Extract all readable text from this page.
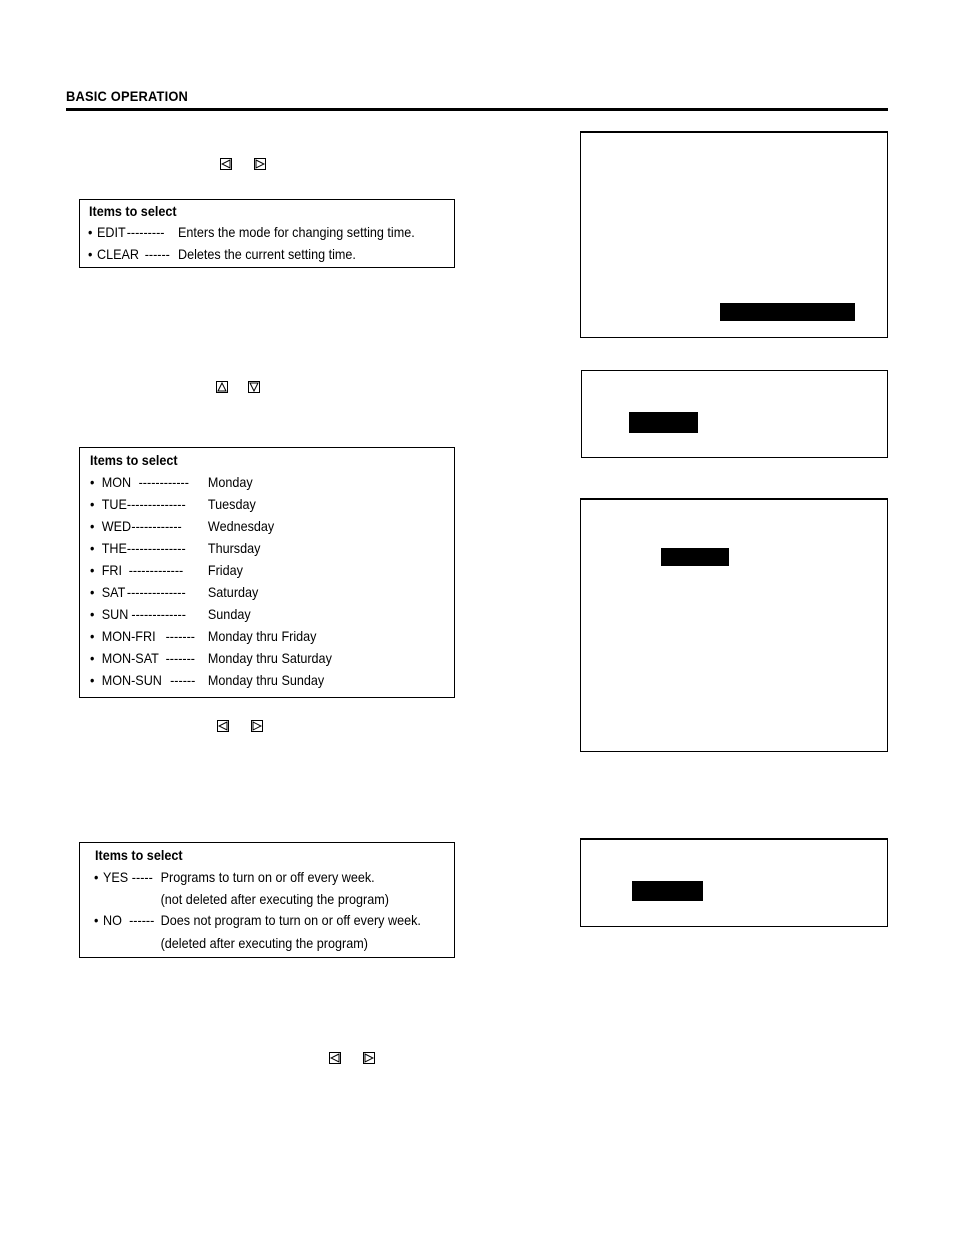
BASIC OPERATION
Items to select
• EDIT --------- Enters the mode for changing setting time.
• CLEAR ------ Deletes the current setting time.
Items to select
• MON ------------ Monday
• TUE -------------- Tuesday
• WED ------------ Wednesday
• THE -------------- Thursday
• FRI ------------- Friday
• SAT -------------- Saturday
• SUN ------------- Sunday
• MON-FRI ------- Monday thru Friday
• MON-SAT ------- Monday thru Saturday
• MON-SUN ------ Monday thru Sunday
Items to select
• YES ----- Programs to turn on or off every week.
(not deleted after executing the program)
• NO ------ Does not program to turn on or off every week.
(deleted after executing the program)
